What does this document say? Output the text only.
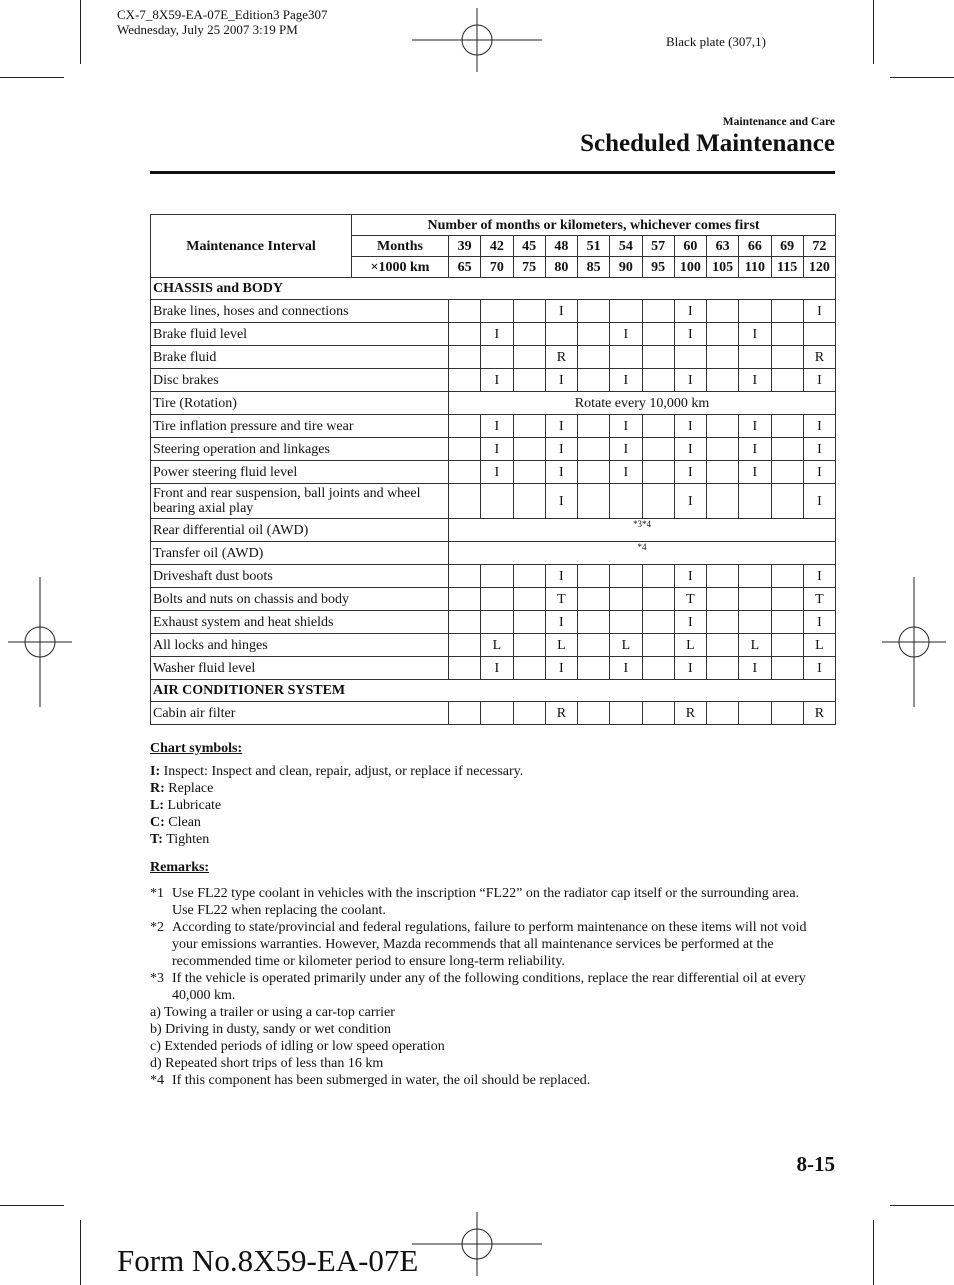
CX-7_8X59-EA-07E_Edition3 Page307
Wednesday, July 25 2007 3:19 PM
Black plate (307,1)
Maintenance and Care
Scheduled Maintenance
Maintenance Interval	Number of months or kilometers, whichever comes first												
	Months	39	42	45	48	51	54	57	60	63	66	69	72
	×1000 km	65	70	75	80	85	90	95	100	105	110	115	120
CHASSIS and BODY													
Brake lines, hoses and connections					I				I				I
Brake fluid level			I				I		I		I		
Brake fluid					R								R
Disc brakes			I		I		I		I		I		I
Tire (Rotation)		Rotate every 10,000 km											
Tire inflation pressure and tire wear			I		I		I		I		I		I
Steering operation and linkages			I		I		I		I		I		I
Power steering fluid level			I		I		I		I		I		I
Front and rear suspension, ball joints and wheel bearing axial play					I				I				I
Rear differential oil (AWD)		*3*4											
Transfer oil (AWD)		*4											
Driveshaft dust boots					I				I				I
Bolts and nuts on chassis and body					T				T				T
Exhaust system and heat shields					I				I				I
All locks and hinges			L		L		L		L		L		L
Washer fluid level			I		I		I		I		I		I
AIR CONDITIONER SYSTEM													
Cabin air filter					R				R				R
Chart symbols:
I: Inspect: Inspect and clean, repair, adjust, or replace if necessary.
R: Replace
L: Lubricate
C: Clean
T: Tighten
Remarks:
*1 Use FL22 type coolant in vehicles with the inscription “FL22” on the radiator cap itself or the surrounding area. Use FL22 when replacing the coolant.
*2 According to state/provincial and federal regulations, failure to perform maintenance on these items will not void your emissions warranties. However, Mazda recommends that all maintenance services be performed at the recommended time or kilometer period to ensure long-term reliability.
*3 If the vehicle is operated primarily under any of the following conditions, replace the rear differential oil at every 40,000 km.
a) Towing a trailer or using a car-top carrier
b) Driving in dusty, sandy or wet condition
c) Extended periods of idling or low speed operation
d) Repeated short trips of less than 16 km
*4 If this component has been submerged in water, the oil should be replaced.
8-15
Form No.8X59-EA-07E
